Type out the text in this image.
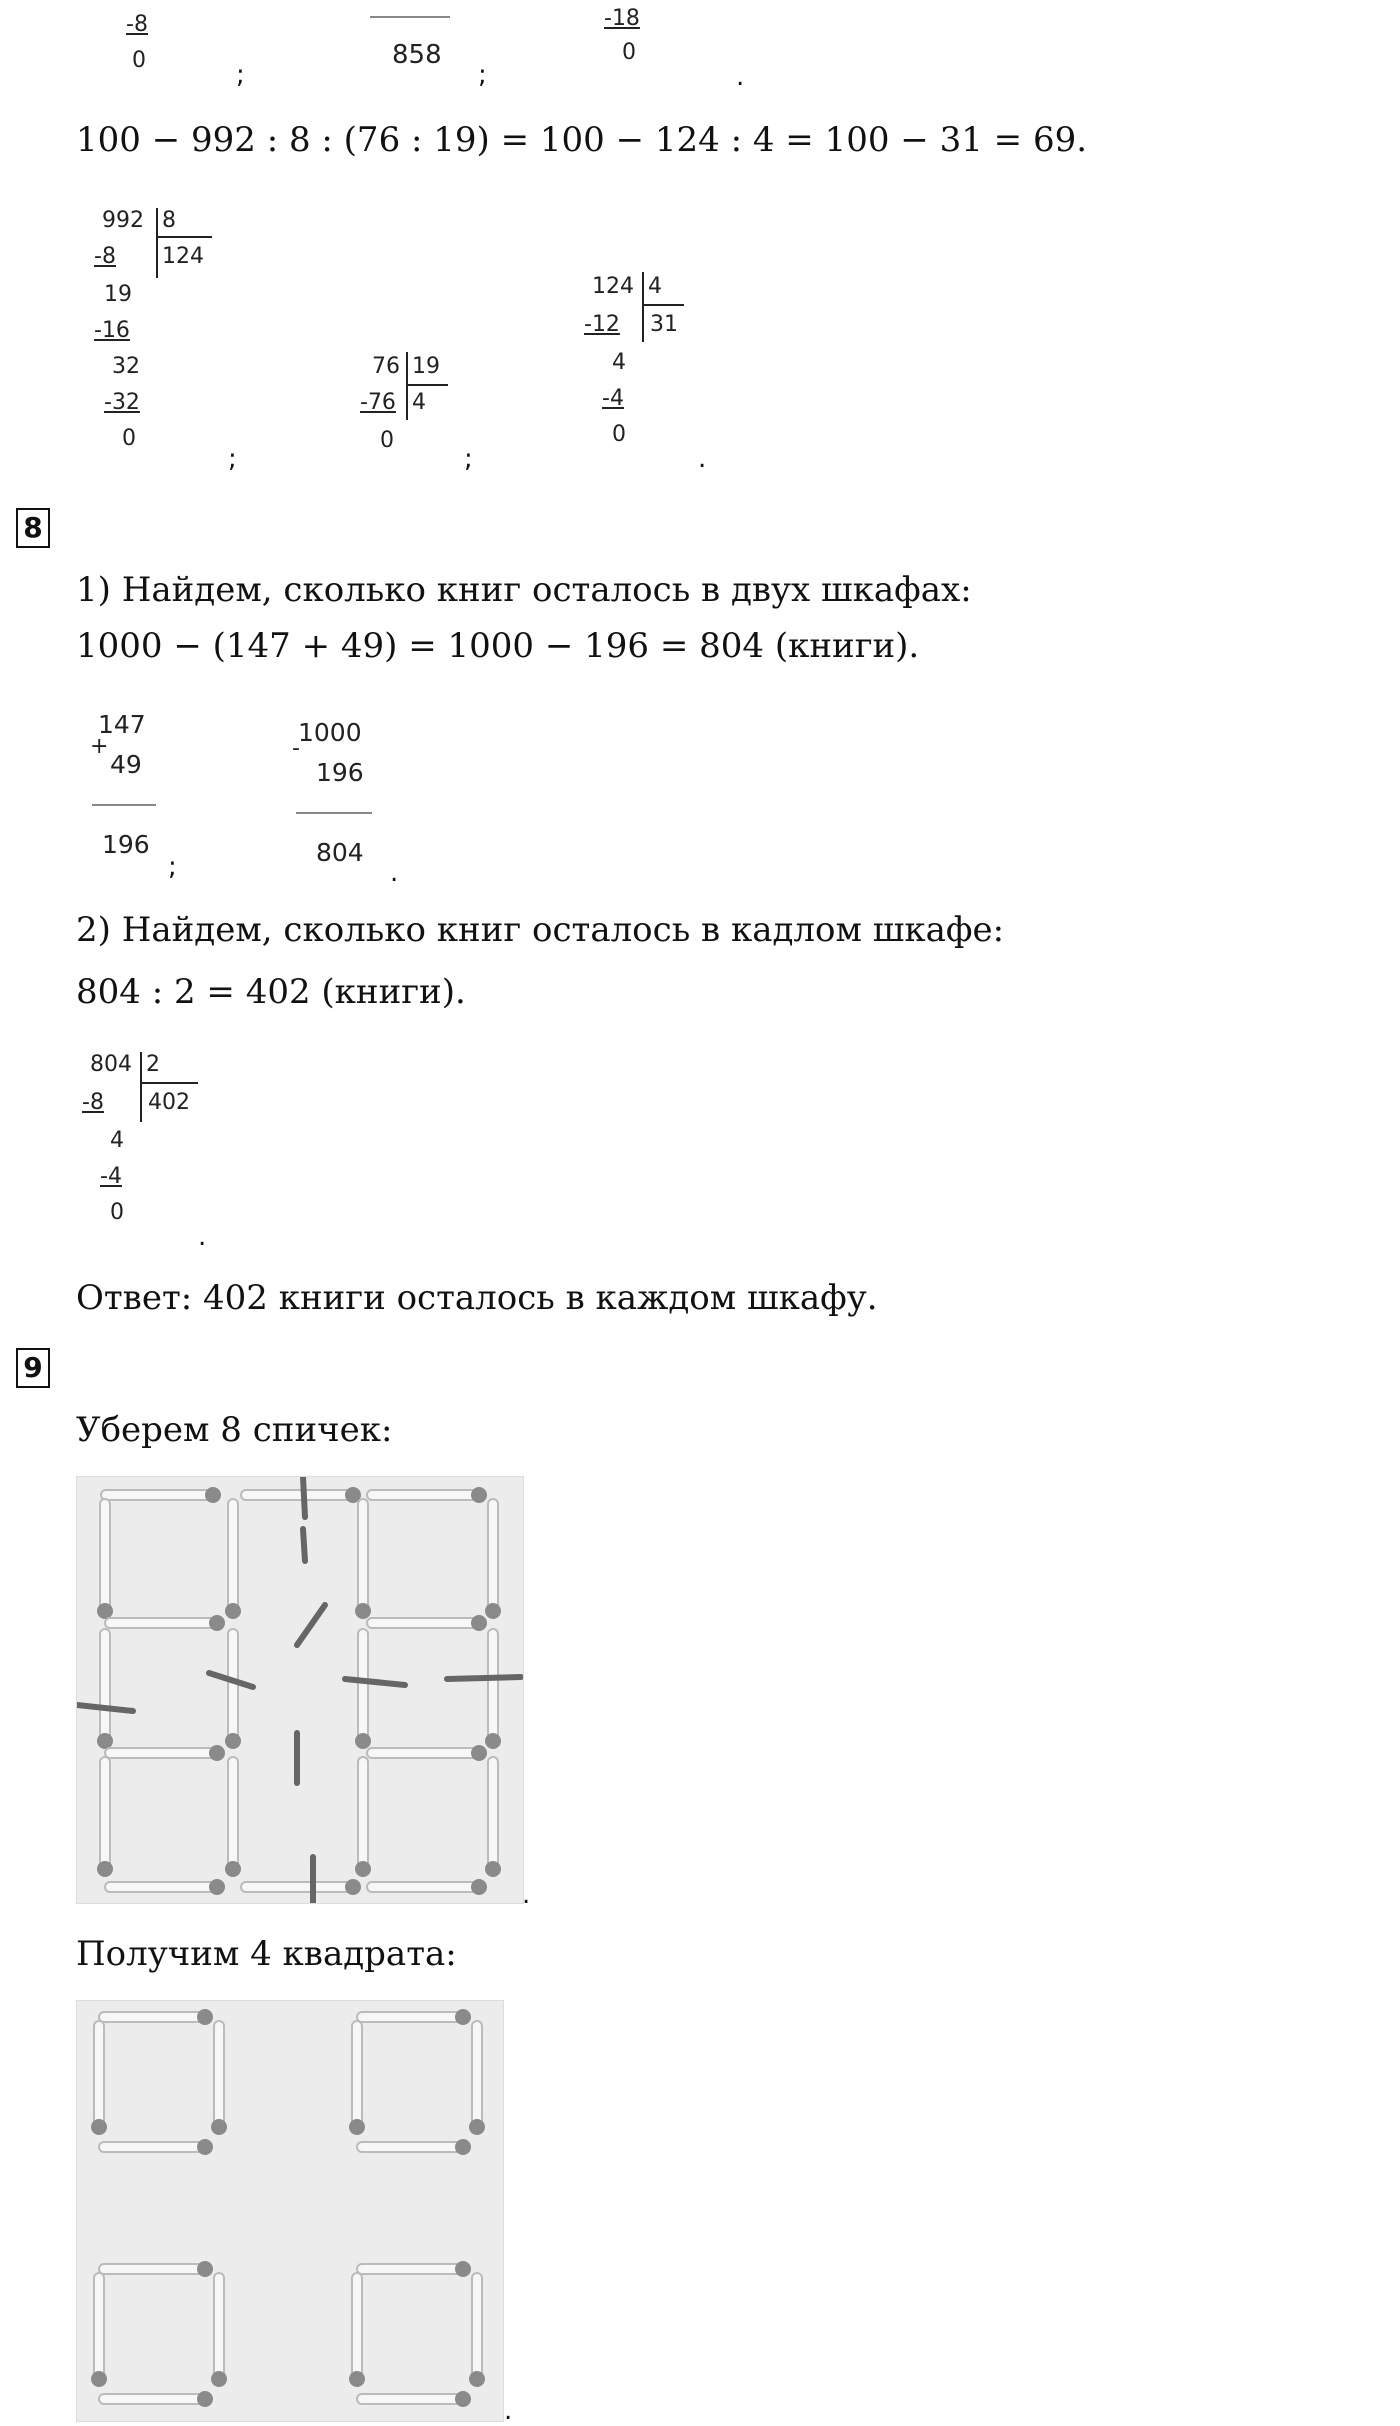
-8
0	;
858
;
-18
0
.
100 − 992 : 8 : (76 : 19) = 100 − 124 : 4 = 100 − 31 = 69.
992 8
124
-8
19
-16
32
-32
0
;
76 19
4
-76
0
;
124 4
31
-12
4
-4
0
.
8
1) Найдем, сколько книг осталось в двух шкафах:
1000 − (147 + 49) = 1000 − 196 = 804 (книги).
147
+
49
196
;
1000
-
196
804
.
2) Найдем, сколько книг осталось в кадлом шкафе:
804 : 2 = 402 (книги).
804 2
402
-8
4
-4
0
.
Ответ: 402 книги осталось в каждом шкафу.
9
Уберем 8 спичек:
.
Получим 4 квадрата:
.
